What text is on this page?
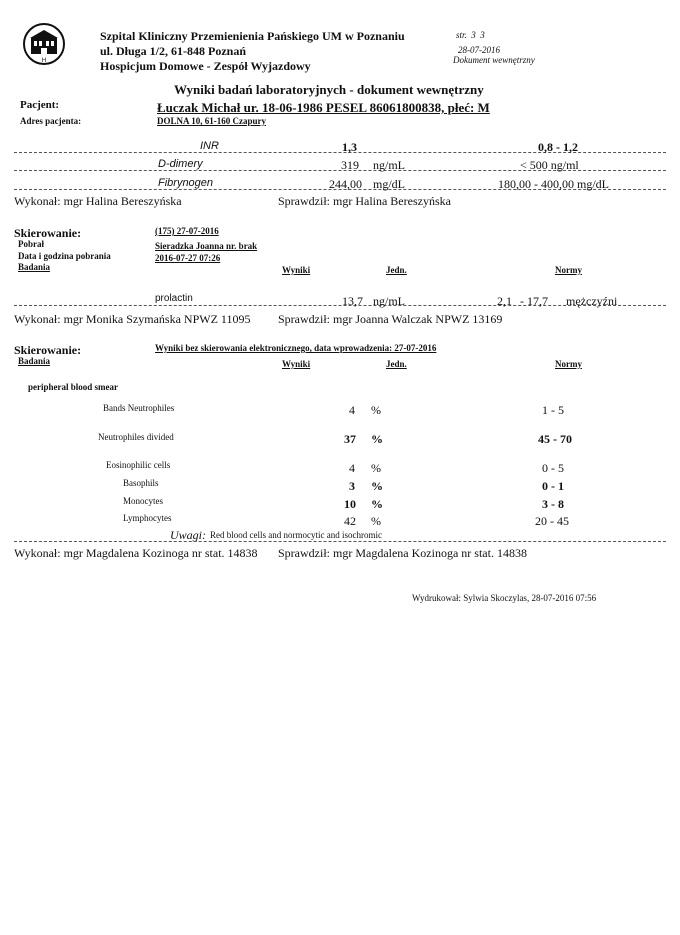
H
Szpital Kliniczny Przemienienia Pańskiego UM w Poznaniu
ul. Długa 1/2, 61-848 Poznań
Hospicjum Domowe - Zespół Wyjazdowy
str. 3 3
28-07-2016
Dokument wewnętrzny
Wyniki badań laboratoryjnych - dokument wewnętrzny
Pacjent:	Łuczak Michał ur. 18-06-1986 PESEL 86061800838, płeć: M
Adres pacjenta:	DOLNA 10, 61-160 Czapury
INR	1,3	0,8 - 1,2
D-dimery	319 ng/mL	< 500 ng/ml
Fibrynogen	244,00 mg/dL	180,00 - 400,00 mg/dL
Wykonał: mgr Halina Bereszyńska	Sprawdził: mgr Halina Bereszyńska
Skierowanie:	(175) 27-07-2016
Pobrał	Sieradzka Joanna nr. brak
Data i godzina pobrania	2016-07-27 07:26
Badania	Wyniki	Jedn.	Normy
prolactin	13,7 ng/mL	2,1 - 17,7 mężczyźni
Wykonał: mgr Monika Szymańska NPWZ 11095 Sprawdził: mgr Joanna Walczak NPWZ 13169
Skierowanie:	Wyniki bez skierowania elektronicznego, data wprowadzenia: 27-07-2016
Badania	Wyniki	Jedn.	Normy
peripheral blood smear
Bands Neutrophiles	4 %	1 - 5
Neutrophiles divided	37 %	45 - 70
Eosinophilic cells	4 %	0 - 5
Basophils	3 %	0 - 1
Monocytes	10 %	3 - 8
Lymphocytes	42 %	20 - 45
Uwagi: Red blood cells and normocytic and isochromic
Wykonał: mgr Magdalena Kozinoga nr stat. 14838 Sprawdził: mgr Magdalena Kozinoga nr stat. 14838
Wydrukował: Sylwia Skoczylas, 28-07-2016 07:56
